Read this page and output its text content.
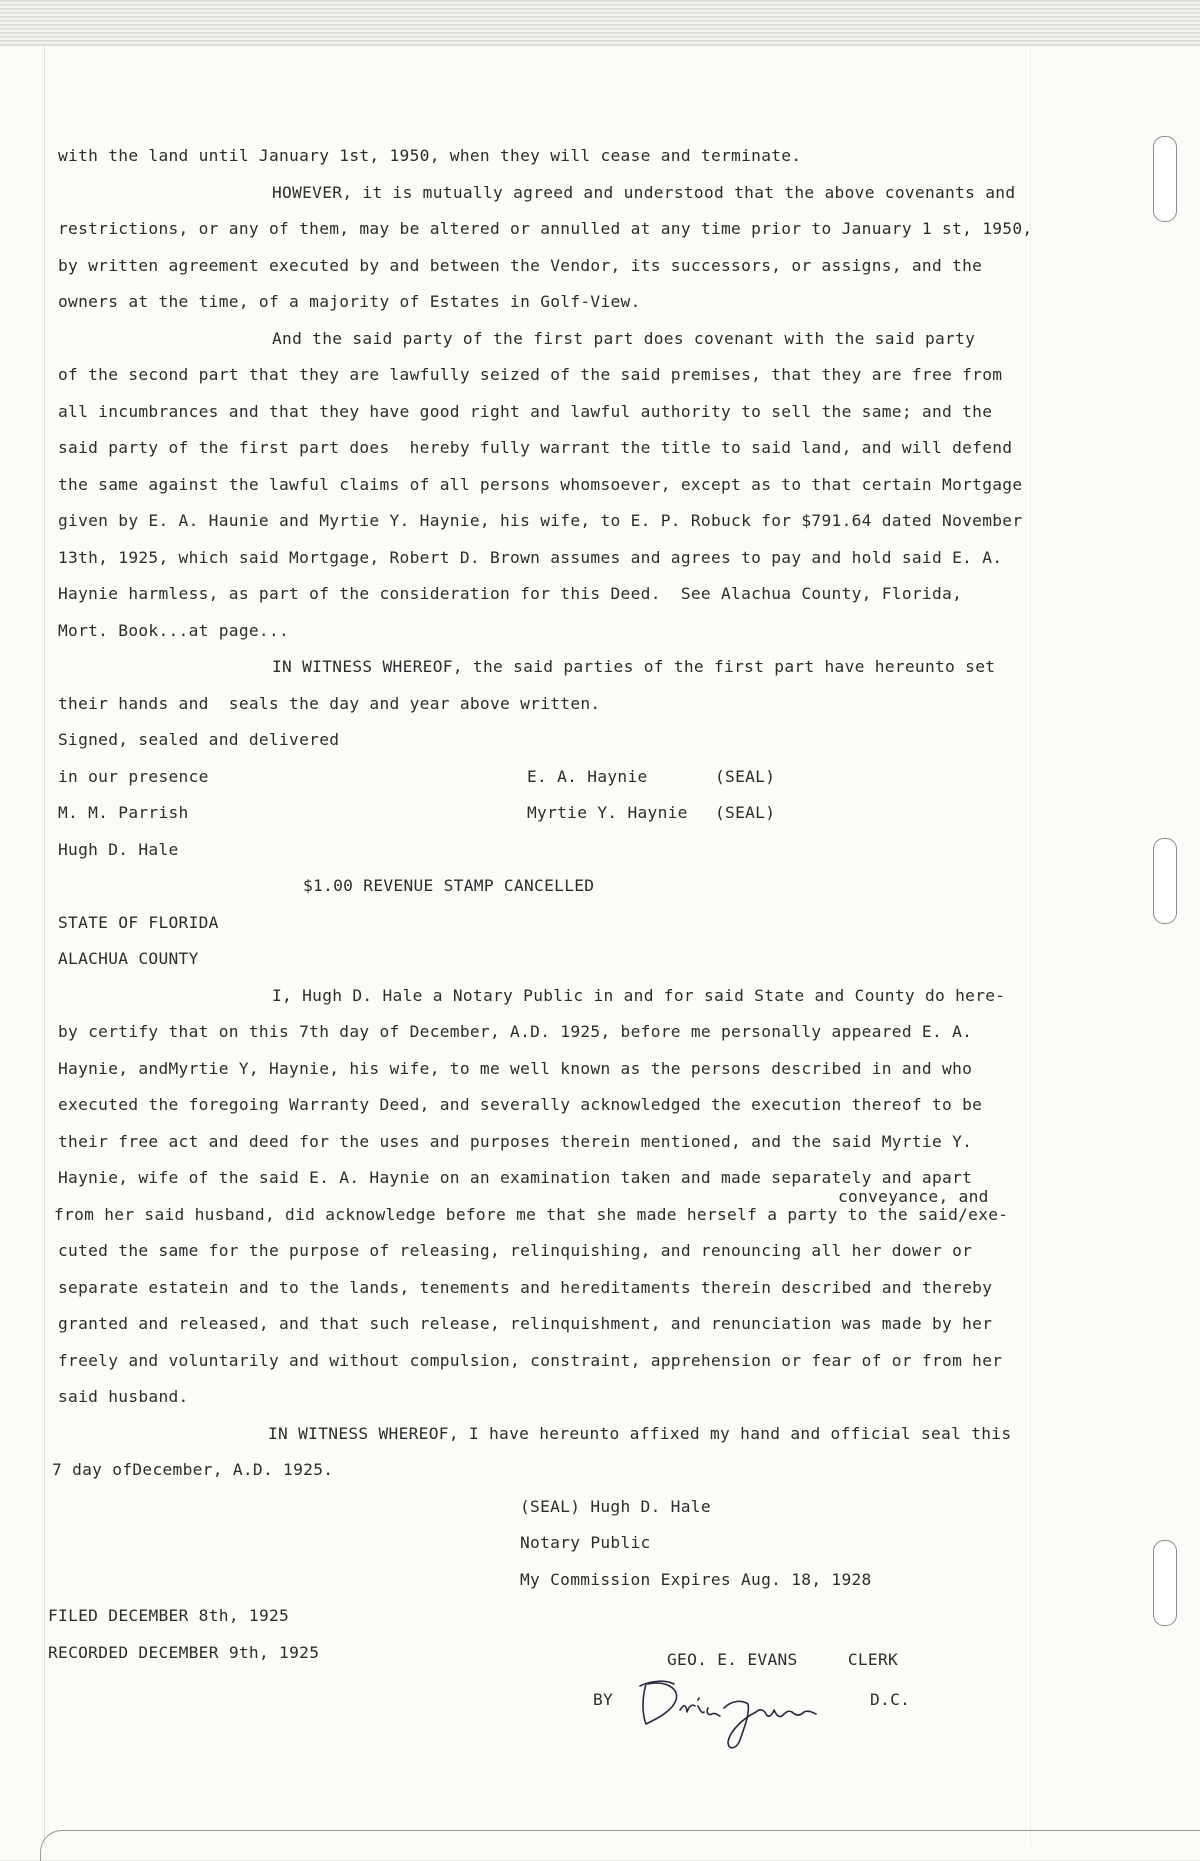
with the land until January 1st, 1950, when they will cease and terminate.
HOWEVER, it is mutually agreed and understood that the above covenants and
restrictions, or any of them, may be altered or annulled at any time prior to January 1 st, 1950,
by written agreement executed by and between the Vendor, its successors, or assigns, and the
owners at the time, of a majority of Estates in Golf-View.
And the said party of the first part does covenant with the said party
of the second part that they are lawfully seized of the said premises, that they are free from
all incumbrances and that they have good right and lawful authority to sell the same; and the
said party of the first part does  hereby fully warrant the title to said land, and will defend
the same against the lawful claims of all persons whomsoever, except as to that certain Mortgage
given by E. A. Haunie and Myrtie Y. Haynie, his wife, to E. P. Robuck for $791.64 dated November
13th, 1925, which said Mortgage, Robert D. Brown assumes and agrees to pay and hold said E. A.
Haynie harmless, as part of the consideration for this Deed.  See Alachua County, Florida,
Mort. Book...at page...
IN WITNESS WHEREOF, the said parties of the first part have hereunto set
their hands and  seals the day and year above written.
Signed, sealed and delivered
in our presence	E. A. Haynie	(SEAL)
M. M. Parrish	Myrtie Y. Haynie (SEAL)
Hugh D. Hale
$1.00 REVENUE STAMP CANCELLED
STATE OF FLORIDA
ALACHUA COUNTY
I, Hugh D. Hale a Notary Public in and for said State and County do here-
by certify that on this 7th day of December, A.D. 1925, before me personally appeared E. A.
Haynie, andMyrtie Y, Haynie, his wife, to me well known as the persons described in and who
executed the foregoing Warranty Deed, and severally acknowledged the execution thereof to be
their free act and deed for the uses and purposes therein mentioned, and the said Myrtie Y.
Haynie, wife of the said E. A. Haynie on an examination taken and made separately and apart
conveyance, and
from her said husband, did acknowledge before me that she made herself a party to the said/exe-
cuted the same for the purpose of releasing, relinquishing, and renouncing all her dower or
separate estatein and to the lands, tenements and hereditaments therein described and thereby
granted and released, and that such release, relinquishment, and renunciation was made by her
freely and voluntarily and without compulsion, constraint, apprehension or fear of or from her
said husband.
IN WITNESS WHEREOF, I have hereunto affixed my hand and official seal this
7 day ofDecember, A.D. 1925.
(SEAL) Hugh D. Hale
Notary Public
My Commission Expires Aug. 18, 1928
FILED DECEMBER 8th, 1925
RECORDED DECEMBER 9th, 1925	GEO. E. EVANS     CLERK
BY	D.C.
